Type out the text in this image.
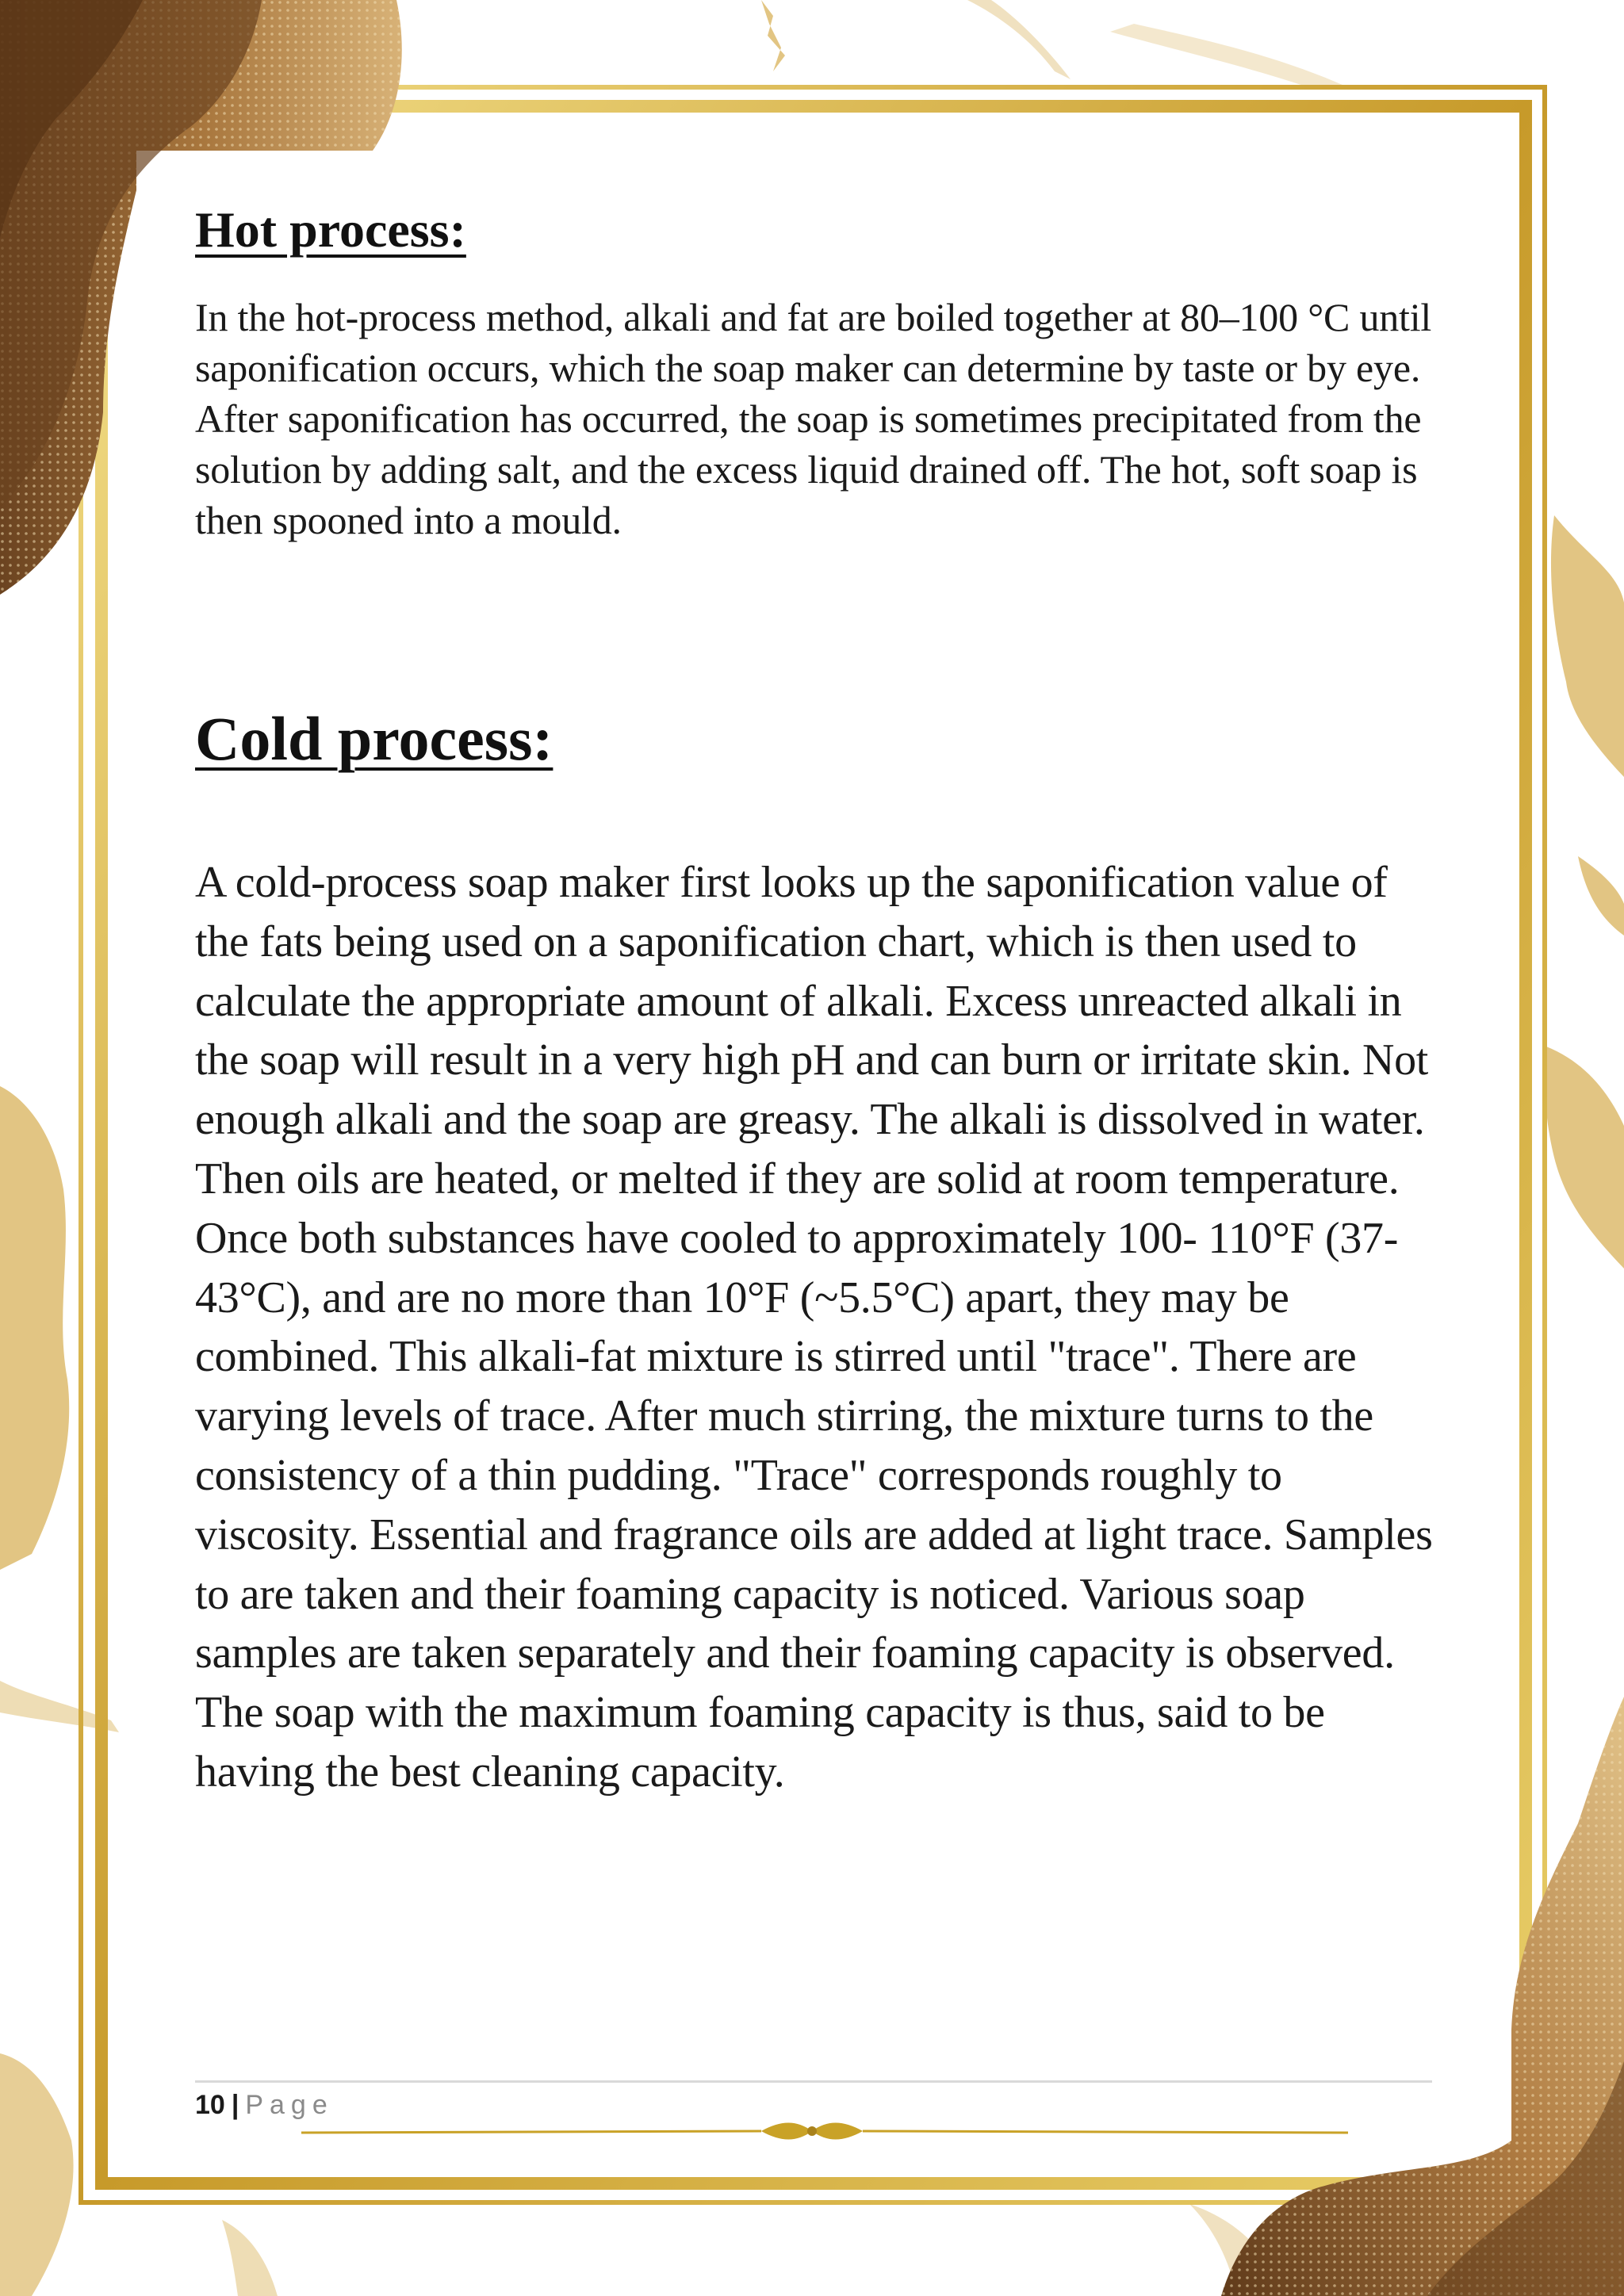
Hot process:

In the hot-process method, alkali and fat are boiled together at 80–100 °C until saponification occurs, which the soap maker can determine by taste or by eye. After saponification has occurred, the soap is sometimes precipitated from the solution by adding salt, and the excess liquid drained off. The hot, soft soap is then spooned into a mould.

Cold process:

A cold-process soap maker first looks up the saponification value of the fats being used on a saponification chart, which is then used to calculate the appropriate amount of alkali. Excess unreacted alkali in the soap will result in a very high pH and can burn or irritate skin. Not enough alkali and the soap are greasy. The alkali is dissolved in water. Then oils are heated, or melted if they are solid at room temperature. Once both substances have cooled to approximately 100- 110°F (37-43°C), and are no more than 10°F (~5.5°C) apart, they may be combined. This alkali-fat mixture is stirred until "trace". There are varying levels of trace. After much stirring, the mixture turns to the consistency of a thin pudding. "Trace" corresponds roughly to viscosity. Essential and fragrance oils are added at light trace. Samples to are taken and their foaming capacity is noticed. Various soap samples are taken separately and their foaming capacity is observed. The soap with the maximum foaming capacity is thus, said to be having the best cleaning capacity.

10 | Page
